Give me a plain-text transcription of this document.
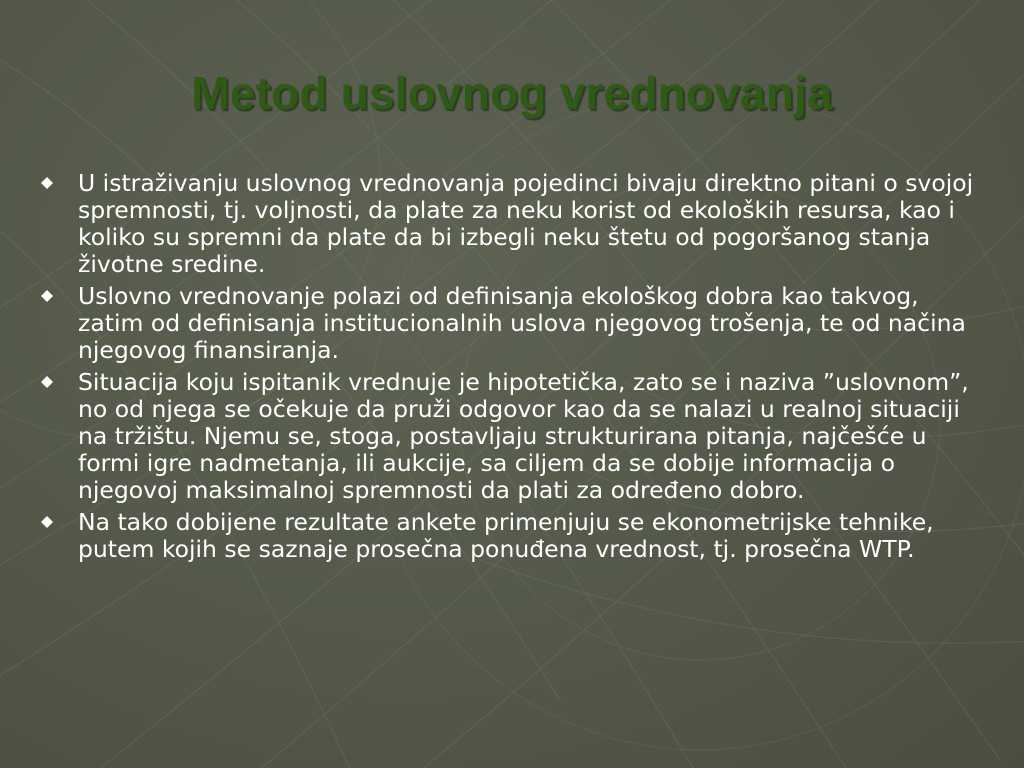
Metod uslovnog vrednovanja
U istraživanju uslovnog vrednovanja pojedinci bivaju direktno pitani o svojoj spremnosti, tj. voljnosti, da plate za neku korist od ekoloških resursa, kao i koliko su spremni da plate da bi izbegli neku štetu od pogoršanog stanja životne sredine.
Uslovno vrednovanje polazi od definisanja ekološkog dobra kao takvog, zatim od definisanja institucionalnih uslova njegovog trošenja, te od načina njegovog finansiranja.
Situacija koju ispitanik vrednuje je hipotetička, zato se i naziva ”uslovnom”, no od njega se očekuje da pruži odgovor kao da se nalazi u realnoj situaciji na tržištu. Njemu se, stoga, postavljaju strukturirana pitanja, najčešće u formi igre nadmetanja, ili aukcije, sa ciljem da se dobije informacija o njegovoj maksimalnoj spremnosti da plati za određeno dobro.
Na tako dobijene rezultate ankete primenjuju se ekonometrijske tehnike, putem kojih se saznaje prosečna ponuđena vrednost, tj. prosečna WTP.
